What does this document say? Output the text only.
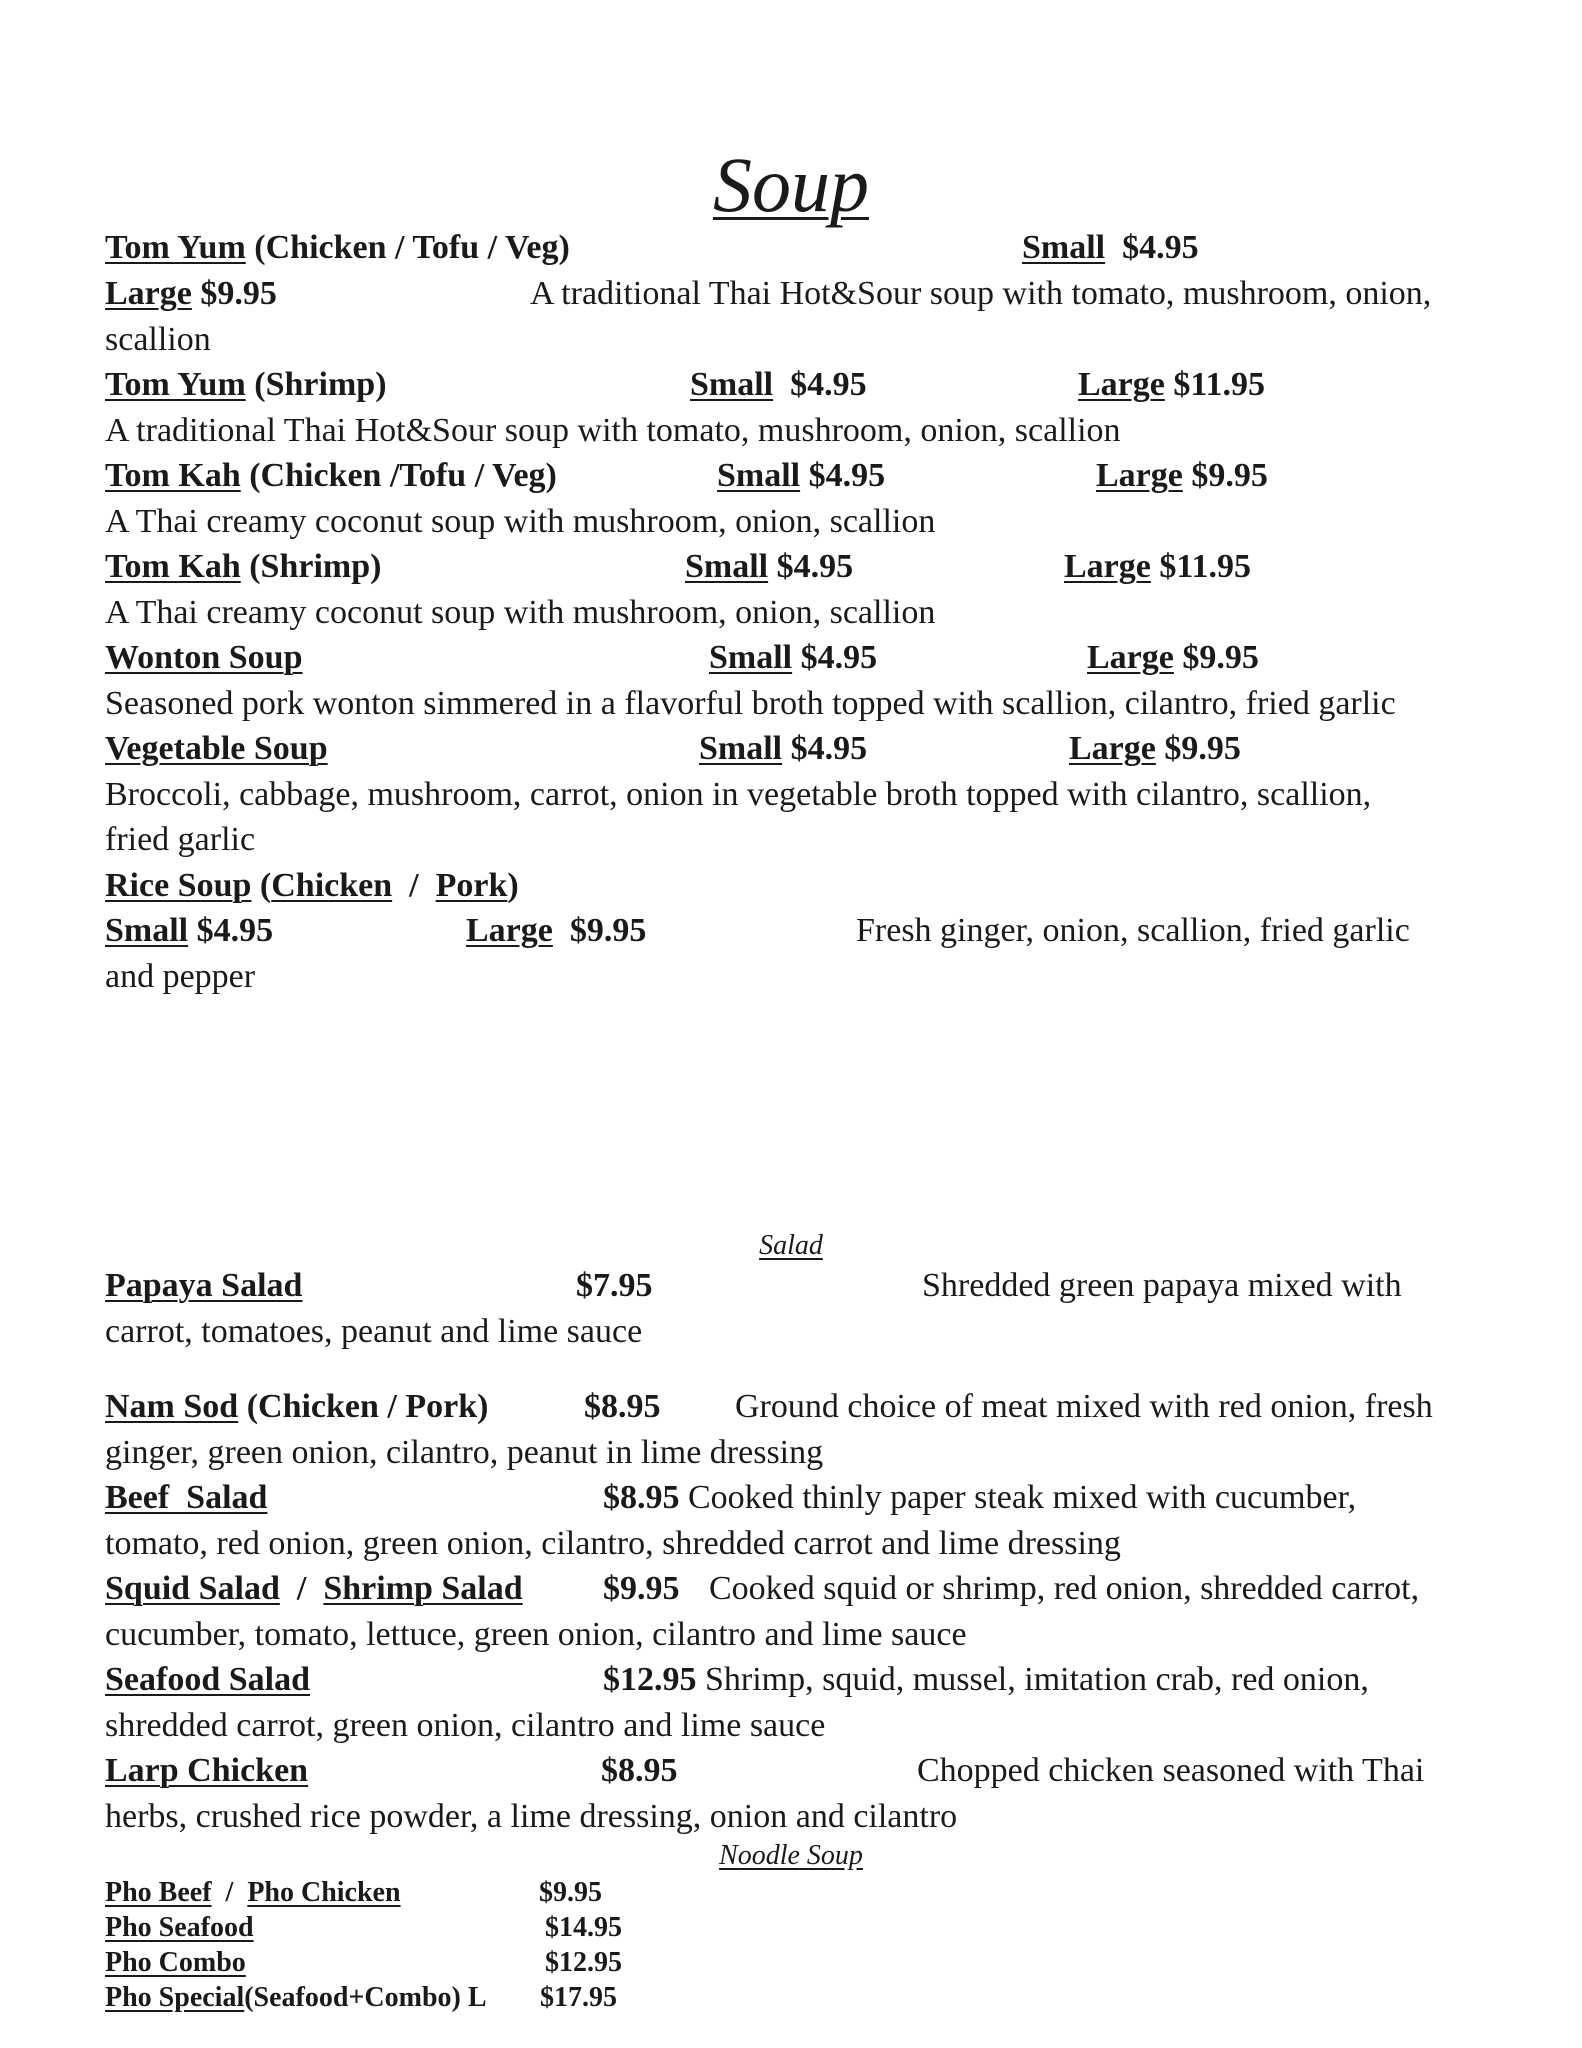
Soup
Tom Yum (Chicken / Tofu / Veg)	Small $4.95
Large $9.95	A traditional Thai Hot&Sour soup with tomato, mushroom, onion,
scallion
Tom Yum (Shrimp)	Small $4.95	Large $11.95
A traditional Thai Hot&Sour soup with tomato, mushroom, onion, scallion
Tom Kah (Chicken /Tofu / Veg)	Small $4.95	Large $9.95
A Thai creamy coconut soup with mushroom, onion, scallion
Tom Kah (Shrimp)	Small $4.95	Large $11.95
A Thai creamy coconut soup with mushroom, onion, scallion
Wonton Soup	Small $4.95	Large $9.95
Seasoned pork wonton simmered in a flavorful broth topped with scallion, cilantro, fried garlic
Vegetable Soup	Small $4.95	Large $9.95
Broccoli, cabbage, mushroom, carrot, onion in vegetable broth topped with cilantro, scallion,
fried garlic
Rice Soup (Chicken / Pork)
Small $4.95	Large $9.95	Fresh ginger, onion, scallion, fried garlic
and pepper
Salad
Papaya Salad	$7.95	Shredded green papaya mixed with
carrot, tomatoes, peanut and lime sauce
Nam Sod (Chicken / Pork)	$8.95 Ground choice of meat mixed with red onion, fresh
ginger, green onion, cilantro, peanut in lime dressing
Beef  Salad	$8.95 Cooked thinly paper steak mixed with cucumber,
tomato, red onion, green onion, cilantro, shredded carrot and lime dressing
Squid Salad / Shrimp Salad $9.95 Cooked squid or shrimp, red onion, shredded carrot,
cucumber, tomato, lettuce, green onion, cilantro and lime sauce
Seafood Salad	$12.95 Shrimp, squid, mussel, imitation crab, red onion,
shredded carrot, green onion, cilantro and lime sauce
Larp Chicken	$8.95	Chopped chicken seasoned with Thai
herbs, crushed rice powder, a lime dressing, onion and cilantro
Noodle Soup
Pho Beef / Pho Chicken	$9.95
Pho Seafood	$14.95
Pho Combo	$12.95
Pho Special(Seafood+Combo) L $17.95
